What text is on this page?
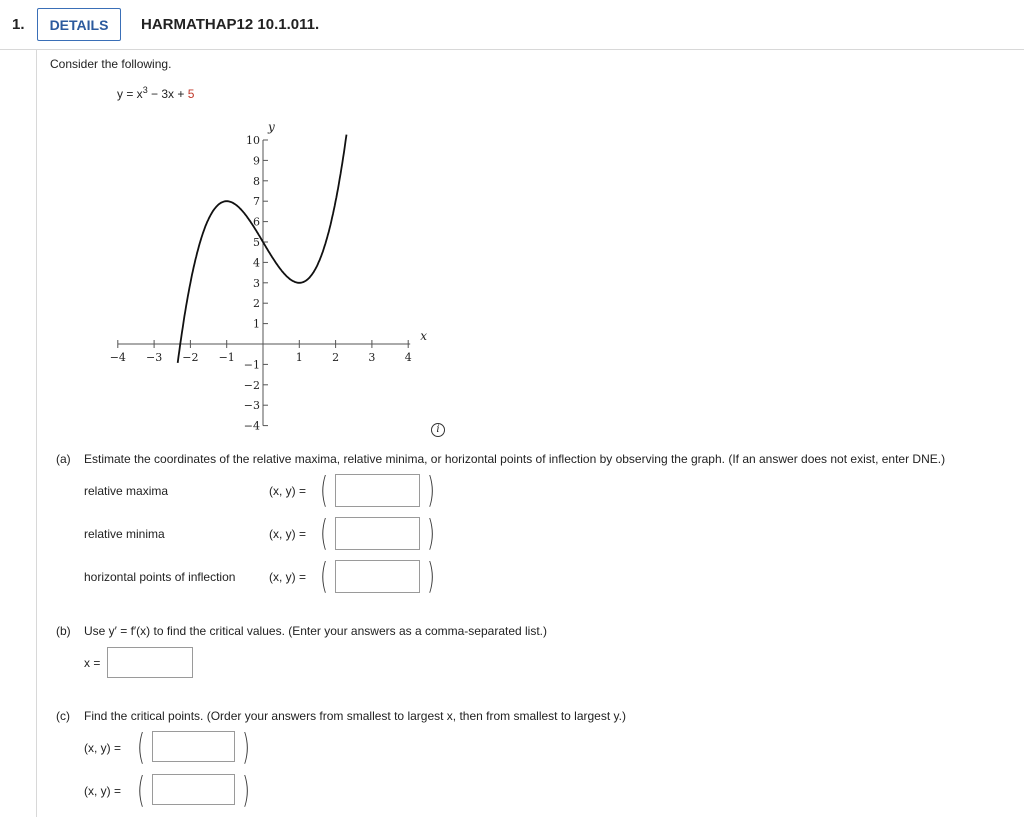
1.	DETAILS	HARMATHAP12 10.1.011.
Consider the following.
$y = x^3 - 3x + 5$
x
y
−4 −3 −2 −1	1	2	3	4
10
9
8
7
6
5
4
3
2
1
−1
−2
−3
−4	i
(a) Estimate the coordinates of the relative maxima, relative minima, or horizontal points of inflection by observing the graph. (If an answer does not exist, enter DNE.)
relative maxima	(x, y) = (	)
relative minima	(x, y) = (	)
horizontal points of inflection	(x, y) = (	)
(b) Use y′ = f′(x) to find the critical values. (Enter your answers as a comma-separated list.)
x =
(c) Find the critical points. (Order your answers from smallest to largest x, then from smallest to largest y.)
(x, y) = (	)
(x, y) = (	)
